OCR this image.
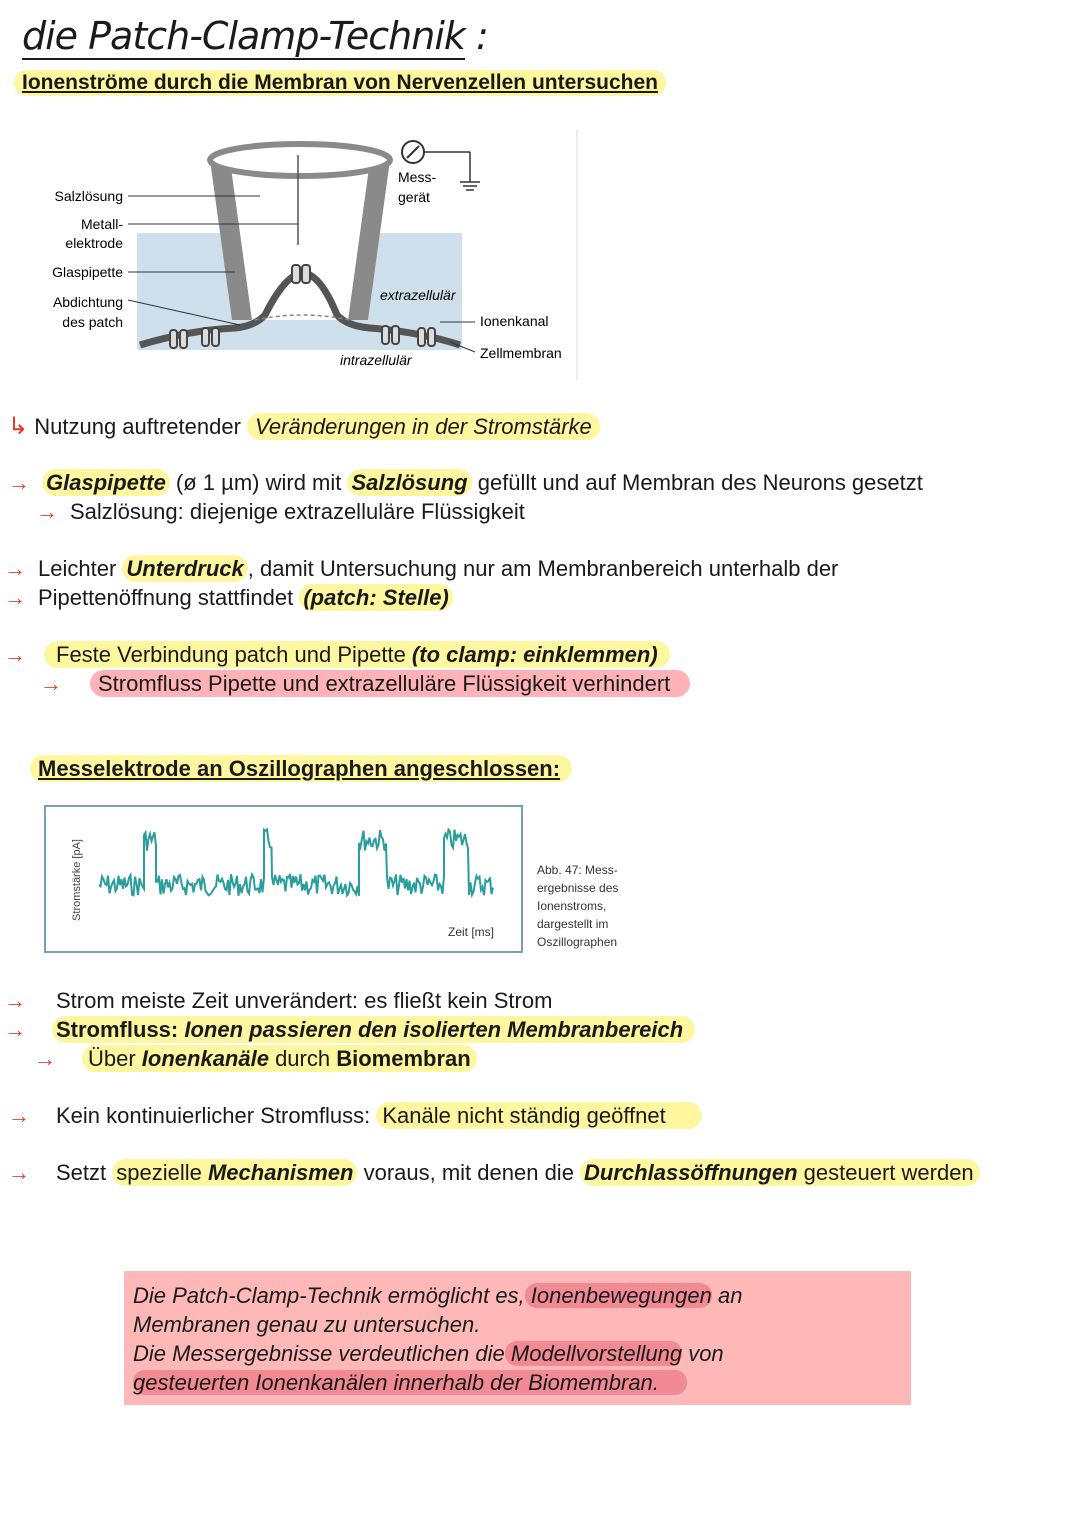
die Patch-Clamp-Technik :
Ionenströme durch die Membran von Nervenzellen untersuchen
Salzlösung
Metall-
elektrode
Glaspipette
Abdichtung
des patch
Mess-
gerät
extrazellulär
intrazellulär
Ionenkanal
Zellmembran
↳ Nutzung auftretender Veränderungen in der Stromstärke
→ Glaspipette (ø 1 µm) wird mit Salzlösung gefüllt und auf Membran des Neurons gesetzt
→ Salzlösung: diejenige extrazelluläre Flüssigkeit
→ Leichter Unterdruck , damit Untersuchung nur am Membranbereich unterhalb der
→ Pipettenöffnung stattfindet (patch: Stelle)
→ Feste Verbindung patch und Pipette (to clamp: einklemmen)
→ Stromfluss Pipette und extrazelluläre Flüssigkeit verhindert
Messelektrode an Oszillographen angeschlossen:
Stromstärke [pA]
Zeit [ms]
Abb. 47: Mess-
ergebnisse des
Ionenstroms,
dargestellt im
Oszillographen
→ Strom meiste Zeit unverändert: es fließt kein Strom
→ Stromfluss: Ionen passieren den isolierten Membranbereich
→ Über Ionenkanäle durch Biomembran
→ Kein kontinuierlicher Stromfluss: Kanäle nicht ständig geöffnet
→ Setzt spezielle Mechanismen voraus, mit denen die Durchlassöffnungen gesteuert werden

Die Patch-Clamp-Technik ermöglicht es, Ionenbewegungen an

Membranen genau zu untersuchen.

Die Messergebnisse verdeutlichen die Modellvorstellung von

gesteuerten Ionenkanälen innerhalb der Biomembran.
